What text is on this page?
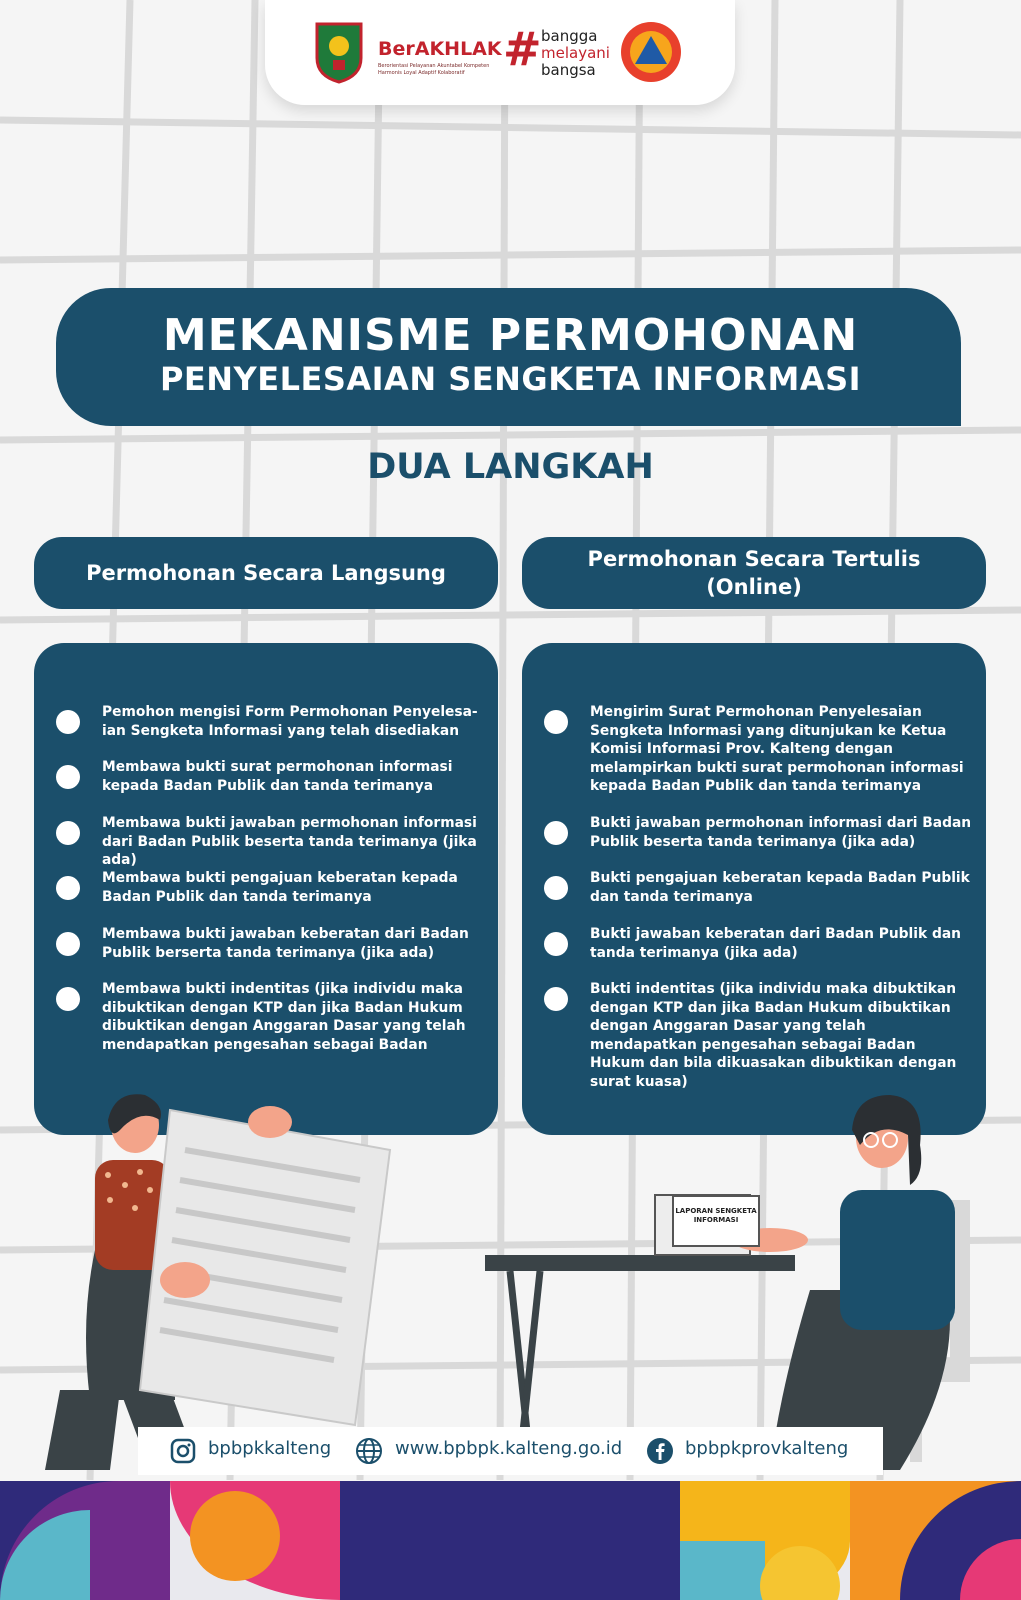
BerAKHLAK
Berorientasi Pelayanan Akuntabel Kompeten Harmonis Loyal Adaptif Kolaboratif # bangga
melayani
bangsa
MEKANISME PERMOHONAN
PENYELESAIAN SENGKETA INFORMASI
DUA LANGKAH
Permohonan Secara Langsung
Permohonan Secara Tertulis
(Online)
Pemohon mengisi Form Permohonan Penyelesa-ian Sengketa Informasi yang telah disediakan
Membawa bukti surat permohonan informasi kepada Badan Publik dan tanda terimanya
Membawa bukti jawaban permohonan informasi dari Badan Publik beserta tanda terimanya (jika ada)
Membawa bukti pengajuan keberatan kepada Badan Publik dan tanda terimanya
Membawa bukti jawaban keberatan dari Badan Publik berserta tanda terimanya (jika ada)
Membawa bukti indentitas (jika individu maka dibuktikan dengan KTP dan jika Badan Hukum dibuktikan dengan Anggaran Dasar yang telah mendapatkan pengesahan sebagai Badan
Mengirim Surat Permohonan Penyelesaian Sengketa Informasi yang ditunjukan ke Ketua Komisi Informasi Prov. Kalteng dengan melampirkan bukti surat permohonan informasi kepada Badan Publik dan tanda terimanya
Bukti jawaban permohonan informasi dari Badan Publik beserta tanda terimanya (jika ada)
Bukti pengajuan keberatan kepada Badan Publik dan tanda terimanya
Bukti jawaban keberatan dari Badan Publik dan tanda terimanya (jika ada)
Bukti indentitas (jika individu maka dibuktikan dengan KTP dan jika Badan Hukum dibuktikan dengan Anggaran Dasar yang telah mendapatkan pengesahan sebagai Badan Hukum dan bila dikuasakan dibuktikan dengan surat kuasa)
LAPORAN SENGKETA INFORMASI
bpbpkkalteng	www.bpbpk.kalteng.go.id	bpbpkprovkalteng
